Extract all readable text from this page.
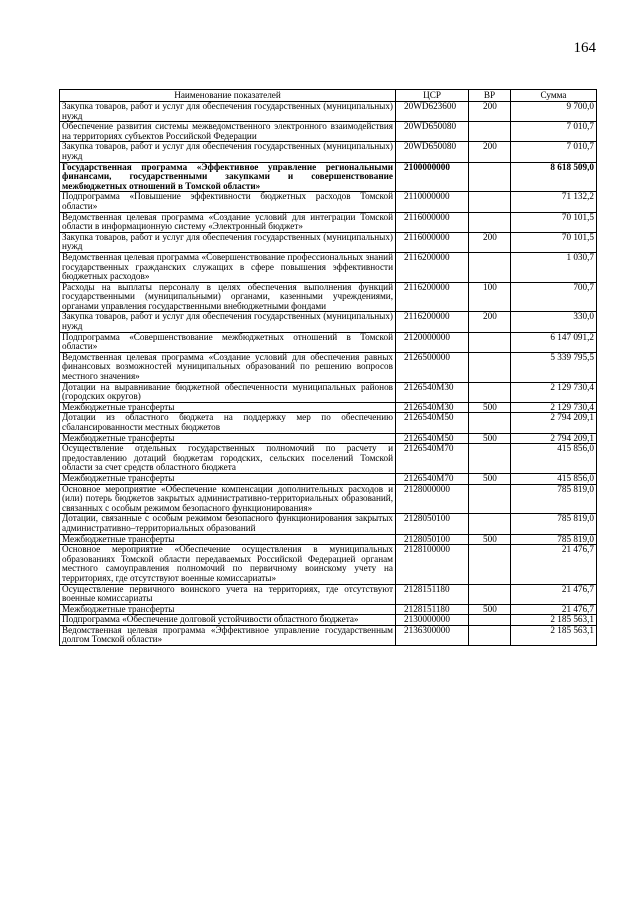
164
Наименование показателей	ЦСР	ВР	Сумма
Закупка товаров, работ и услуг для обеспечения государственных (муниципальных) нужд	20WD623600	200	9 700,0
Обеспечение развития системы межведомственного электронного взаимодействия на территориях субъектов Российской Федерации	20WD650080		7 010,7
Закупка товаров, работ и услуг для обеспечения государственных (муниципальных) нужд	20WD650080	200	7 010,7
Государственная программа «Эффективное управление региональными финансами, государственными закупками и совершенствование межбюджетных отношений в Томской области»	2100000000		8 618 509,0
Подпрограмма «Повышение эффективности бюджетных расходов Томской области»	2110000000		71 132,2
Ведомственная целевая программа «Создание условий для интеграции Томской области в информационную систему «Электронный бюджет»	2116000000		70 101,5
Закупка товаров, работ и услуг для обеспечения государственных (муниципальных) нужд	2116000000	200	70 101,5
Ведомственная целевая программа «Совершенствование профессиональных знаний государственных гражданских служащих в сфере повышения эффективности бюджетных расходов»	2116200000		1 030,7
Расходы на выплаты персоналу в целях обеспечения выполнения функций государственными (муниципальными) органами, казенными учреждениями, органами управления государственными внебюджетными фондами	2116200000	100	700,7
Закупка товаров, работ и услуг для обеспечения государственных (муниципальных) нужд	2116200000	200	330,0
Подпрограмма «Совершенствование межбюджетных отношений в Томской области»	2120000000		6 147 091,2
Ведомственная целевая программа «Создание условий для обеспечения равных финансовых возможностей муниципальных образований по решению вопросов местного значения»	2126500000		5 339 795,5
Дотации на выравнивание бюджетной обеспеченности муниципальных районов (городских округов)	2126540М30		2 129 730,4
Межбюджетные трансферты	2126540М30	500	2 129 730,4
Дотации из областного бюджета на поддержку мер по обеспечению сбалансированности местных бюджетов	2126540М50		2 794 209,1
Межбюджетные трансферты	2126540М50	500	2 794 209,1
Осуществление отдельных государственных полномочий по расчету и предоставлению дотаций бюджетам городских, сельских поселений Томской области за счет средств областного бюджета	2126540М70		415 856,0
Межбюджетные трансферты	2126540М70	500	415 856,0
Основное мероприятие «Обеспечение компенсации дополнительных расходов и (или) потерь бюджетов закрытых административно-территориальных образований, связанных с особым режимом безопасного функционирования»	2128000000		785 819,0
Дотации, связанные с особым режимом безопасного функционирования закрытых административно–территориальных образований	2128050100		785 819,0
Межбюджетные трансферты	2128050100	500	785 819,0
Основное мероприятие «Обеспечение осуществления в муниципальных образованиях Томской области передаваемых Российской Федерацией органам местного самоуправления полномочий по первичному воинскому учету на территориях, где отсутствуют военные комиссариаты»	2128100000		21 476,7
Осуществление первичного воинского учета на территориях, где отсутствуют военные комиссариаты	2128151180		21 476,7
Межбюджетные трансферты	2128151180	500	21 476,7
Подпрограмма «Обеспечение долговой устойчивости областного бюджета»	2130000000		2 185 563,1
Ведомственная целевая программа «Эффективное управление государственным долгом Томской области»	2136300000		2 185 563,1
